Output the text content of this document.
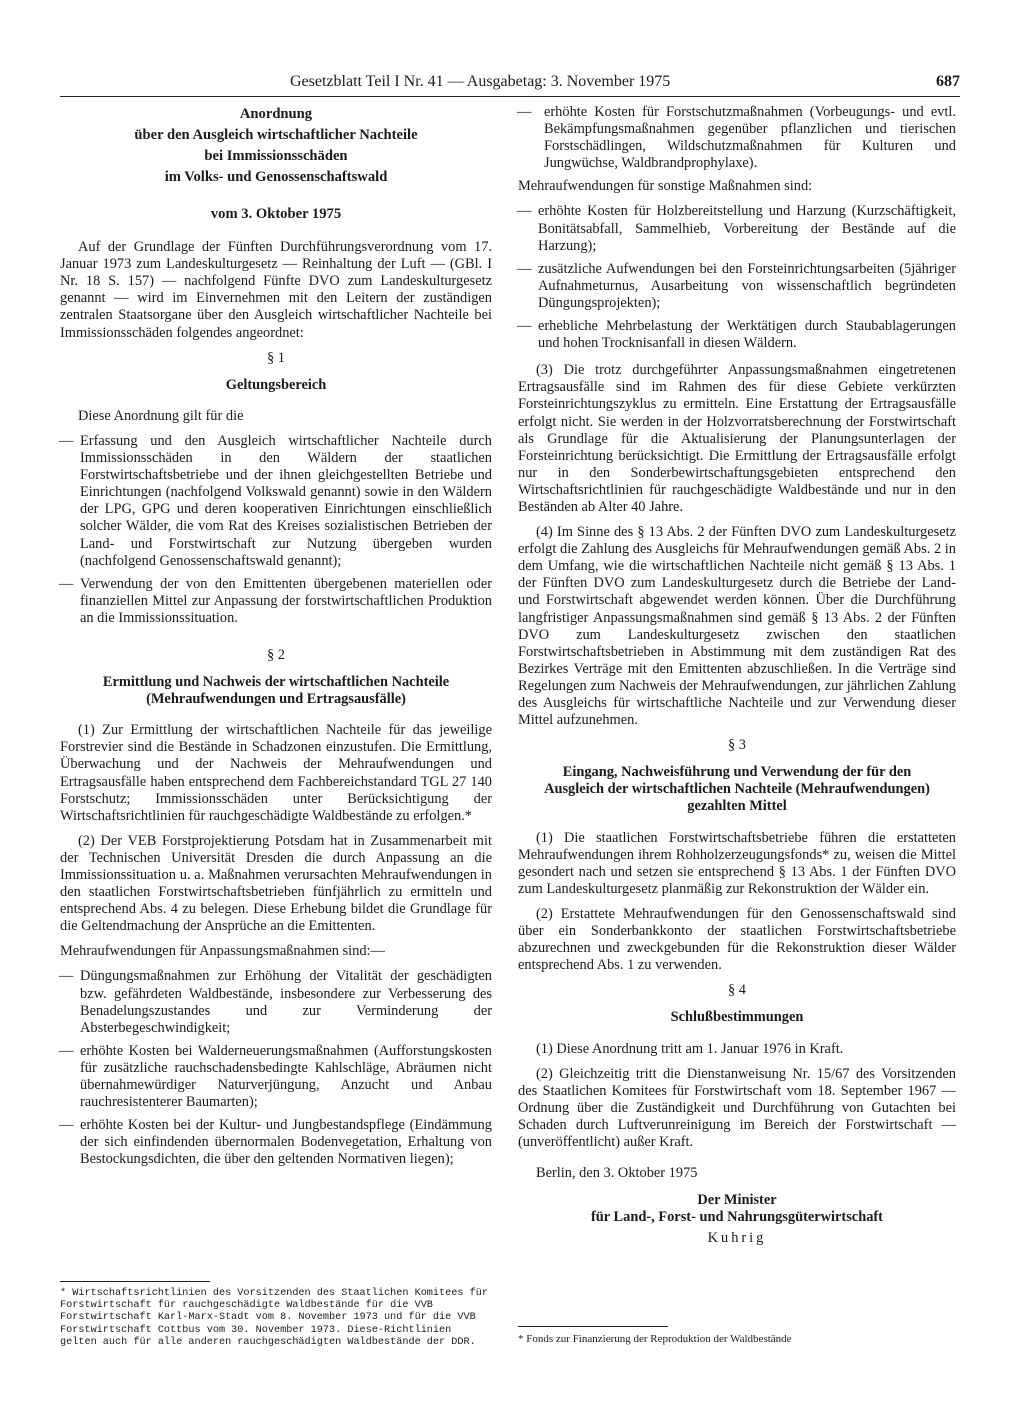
Gesetzblatt Teil I Nr. 41 — Ausgabetag: 3. November 1975	687
Anordnung
über den Ausgleich wirtschaftlicher Nachteile
bei Immissionsschäden
im Volks- und Genossenschaftswald
vom 3. Oktober 1975

Auf der Grundlage der Fünften Durchführungsverordnung vom 17. Januar 1973 zum Landeskulturgesetz — Reinhaltung der Luft — (GBl. I Nr. 18 S. 157) — nachfolgend Fünfte DVO zum Landeskulturgesetz genannt — wird im Einvernehmen mit den Leitern der zuständigen zentralen Staatsorgane über den Ausgleich wirtschaftlicher Nachteile bei Immissionsschäden folgendes angeordnet:

§ 1
Geltungsbereich

Diese Anordnung gilt für die

— Erfassung und den Ausgleich wirtschaftlicher Nachteile durch Immissionsschäden in den Wäldern der staatlichen Forstwirtschaftsbetriebe und der ihnen gleichgestellten Betriebe und Einrichtungen (nachfolgend Volkswald genannt) sowie in den Wäldern der LPG, GPG und deren kooperativen Einrichtungen einschließlich solcher Wälder, die vom Rat des Kreises sozialistischen Betrieben der Land- und Forstwirtschaft zur Nutzung übergeben wurden (nachfolgend Genossenschaftswald genannt);

— Verwendung der von den Emittenten übergebenen materiellen oder finanziellen Mittel zur Anpassung der forstwirtschaftlichen Produktion an die Immissionssituation.

§ 2
Ermittlung und Nachweis der wirtschaftlichen Nachteile
(Mehraufwendungen und Ertragsausfälle)

(1) Zur Ermittlung der wirtschaftlichen Nachteile für das jeweilige Forstrevier sind die Bestände in Schadzonen einzustufen. Die Ermittlung, Überwachung und der Nachweis der Mehraufwendungen und Ertragsausfälle haben entsprechend dem Fachbereichstandard TGL 27 140 Forstschutz; Immissionsschäden unter Berücksichtigung der Wirtschaftsrichtlinien für rauchgeschädigte Waldbestände zu erfolgen.*

(2) Der VEB Forstprojektierung Potsdam hat in Zusammenarbeit mit der Technischen Universität Dresden die durch Anpassung an die Immissionssituation u. a. Maßnahmen verursachten Mehraufwendungen in den staatlichen Forstwirtschaftsbetrieben fünfjährlich zu ermitteln und entsprechend Abs. 4 zu belegen. Diese Erhebung bildet die Grundlage für die Geltendmachung der Ansprüche an die Emittenten.

Mehraufwendungen für Anpassungsmaßnahmen sind:—

— Düngungsmaßnahmen zur Erhöhung der Vitalität der geschädigten bzw. gefährdeten Waldbestände, insbesondere zur Verbesserung des Benadelungszustandes und zur Verminderung der Absterbegeschwindigkeit;

— erhöhte Kosten bei Walderneuerungsmaßnahmen (Aufforstungskosten für zusätzliche rauchschadensbedingte Kahlschläge, Abräumen nicht übernahmewürdiger Naturverjüngung, Anzucht und Anbau rauchresistenterer Baumarten);

— erhöhte Kosten bei der Kultur- und Jungbestandspflege (Eindämmung der sich einfindenden übernormalen Bodenvegetation, Erhaltung von Bestockungsdichten, die über den geltenden Normativen liegen);

* Wirtschaftsrichtlinien des Vorsitzenden des Staatlichen Komitees für Forstwirtschaft für rauchgeschädigte Waldbestände für die VVB Forstwirtschaft Karl-Marx-Stadt vom 8. November 1973 und für die VVB Forstwirtschaft Cottbus vom 30. November 1973. Diese-Richtlinien gelten auch für alle anderen rauchgeschädigten Waldbestände der DDR.

— erhöhte Kosten für Forstschutzmaßnahmen (Vorbeugungs- und evtl. Bekämpfungsmaßnahmen gegenüber pflanzlichen und tierischen Forstschädlingen, Wildschutzmaßnahmen für Kulturen und Jungwüchse, Waldbrandprophylaxe).

Mehraufwendungen für sonstige Maßnahmen sind:

— erhöhte Kosten für Holzbereitstellung und Harzung (Kurzschäftigkeit, Bonitätsabfall, Sammelhieb, Vorbereitung der Bestände auf die Harzung);

— zusätzliche Aufwendungen bei den Forsteinrichtungsarbeiten (5jähriger Aufnahmeturnus, Ausarbeitung von wissenschaftlich begründeten Düngungsprojekten);

— erhebliche Mehrbelastung der Werktätigen durch Staubablagerungen und hohen Trocknisanfall in diesen Wäldern.

(3) Die trotz durchgeführter Anpassungsmaßnahmen eingetretenen Ertragsausfälle sind im Rahmen des für diese Gebiete verkürzten Forsteinrichtungszyklus zu ermitteln. Eine Erstattung der Ertragsausfälle erfolgt nicht. Sie werden in der Holzvorratsberechnung der Forstwirtschaft als Grundlage für die Aktualisierung der Planungsunterlagen der Forsteinrichtung berücksichtigt. Die Ermittlung der Ertragsausfälle erfolgt nur in den Sonderbewirtschaftungsgebieten entsprechend den Wirtschaftsrichtlinien für rauchgeschädigte Waldbestände und nur in den Beständen ab Alter 40 Jahre.

(4) Im Sinne des § 13 Abs. 2 der Fünften DVO zum Landeskulturgesetz erfolgt die Zahlung des Ausgleichs für Mehraufwendungen gemäß Abs. 2 in dem Umfang, wie die wirtschaftlichen Nachteile nicht gemäß § 13 Abs. 1 der Fünften DVO zum Landeskulturgesetz durch die Betriebe der Land- und Forstwirtschaft abgewendet werden können. Über die Durchführung langfristiger Anpassungsmaßnahmen sind gemäß § 13 Abs. 2 der Fünften DVO zum Landeskulturgesetz zwischen den staatlichen Forstwirtschaftsbetrieben in Abstimmung mit dem zuständigen Rat des Bezirkes Verträge mit den Emittenten abzuschließen. In die Verträge sind Regelungen zum Nachweis der Mehraufwendungen, zur jährlichen Zahlung des Ausgleichs für wirtschaftliche Nachteile und zur Verwendung dieser Mittel aufzunehmen.

§ 3
Eingang, Nachweisführung und Verwendung der für den
Ausgleich der wirtschaftlichen Nachteile (Mehraufwendungen)
gezahlten Mittel

(1) Die staatlichen Forstwirtschaftsbetriebe führen die erstatteten Mehraufwendungen ihrem Rohholzerzeugungsfonds* zu, weisen die Mittel gesondert nach und setzen sie entsprechend § 13 Abs. 1 der Fünften DVO zum Landeskulturgesetz planmäßig zur Rekonstruktion der Wälder ein.

(2) Erstattete Mehraufwendungen für den Genossenschaftswald sind über ein Sonderbankkonto der staatlichen Forstwirtschaftsbetriebe abzurechnen und zweckgebunden für die Rekonstruktion dieser Wälder entsprechend Abs. 1 zu verwenden.

§ 4
Schlußbestimmungen

(1) Diese Anordnung tritt am 1. Januar 1976 in Kraft.

(2) Gleichzeitig tritt die Dienstanweisung Nr. 15/67 des Vorsitzenden des Staatlichen Komitees für Forstwirtschaft vom 18. September 1967 — Ordnung über die Zuständigkeit und Durchführung von Gutachten bei Schaden durch Luftverunreinigung im Bereich der Forstwirtschaft — (unveröffentlicht) außer Kraft.

Berlin, den 3. Oktober 1975

Der Minister
für Land-, Forst- und Nahrungsgüterwirtschaft
Kuhrig
* Fonds zur Finanzierung der Reproduktion der Waldbestände
